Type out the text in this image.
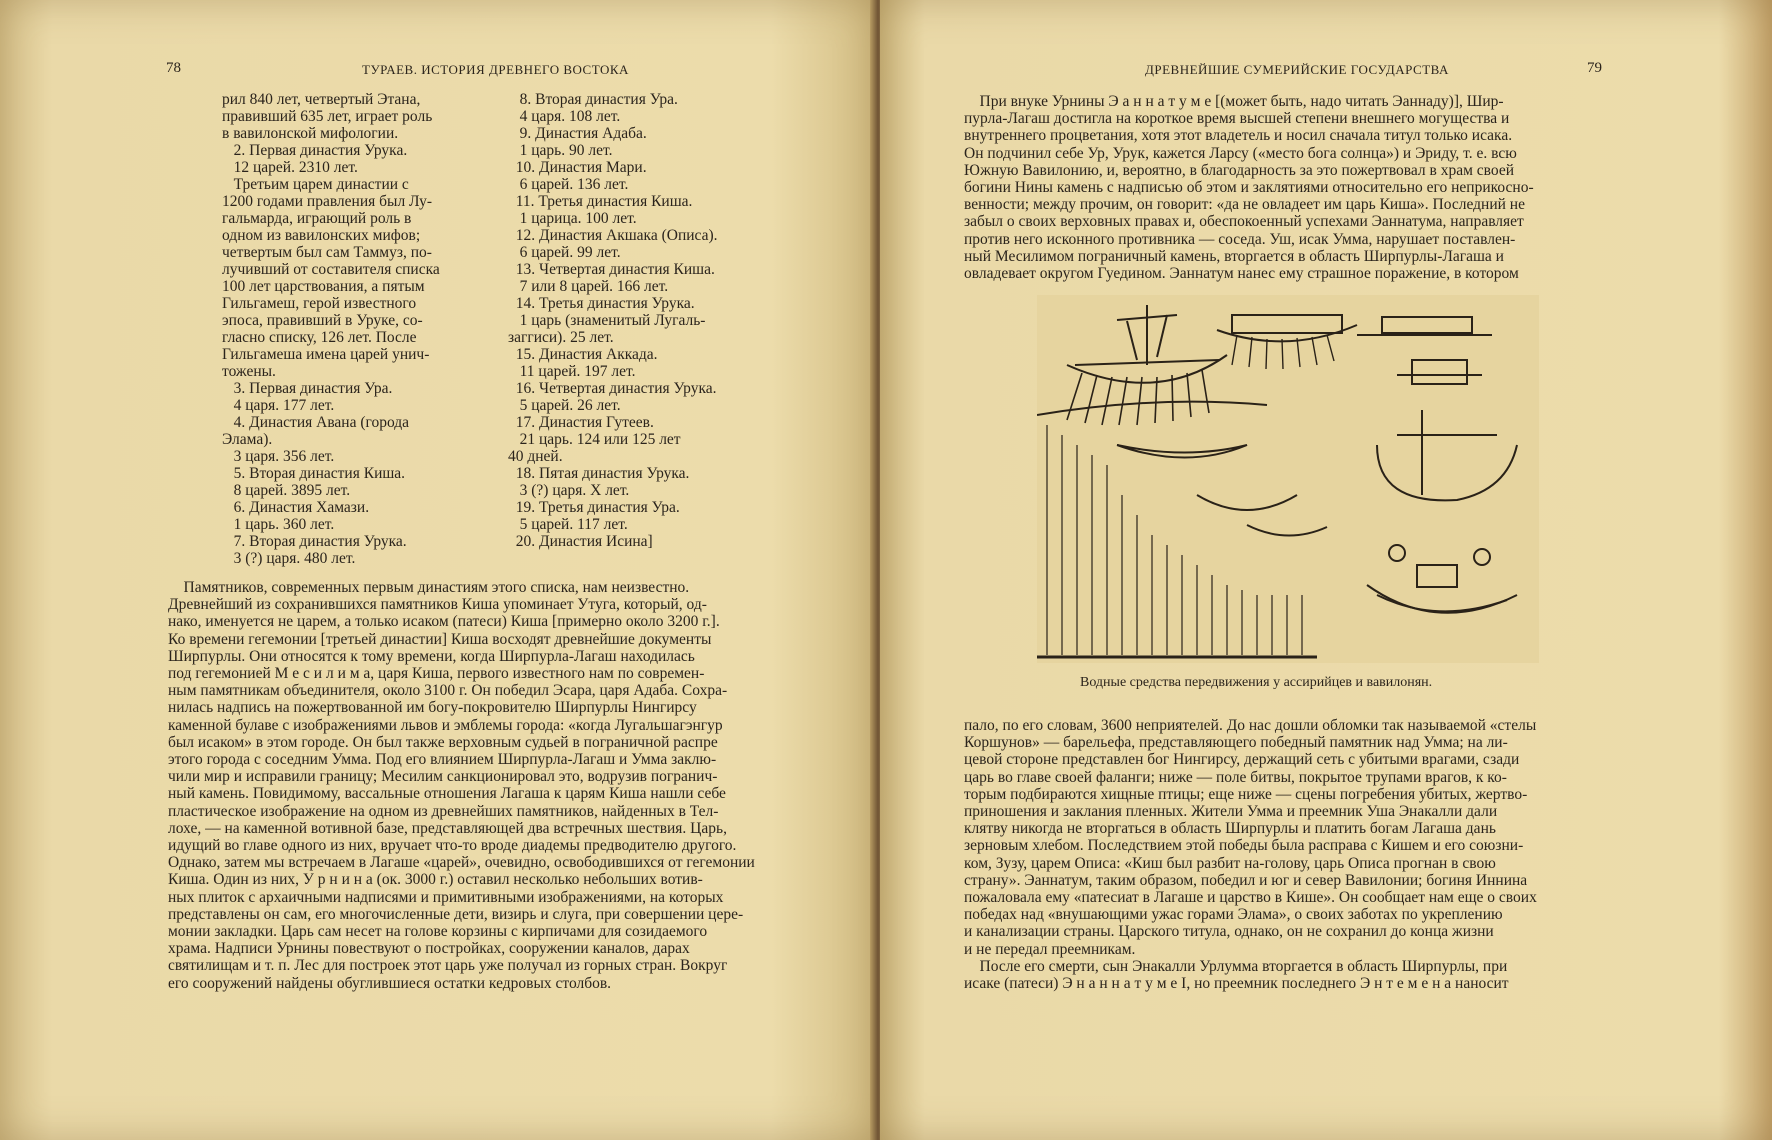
78	ТУРАЕВ. ИСТОРИЯ ДРЕВНЕГО ВОСТОКА
рил 840 лет, четвертый Этана,
правивший 635 лет, играет роль
в вавилонской мифологии.
2. Первая династия Урука.
12 царей. 2310 лет.
Третьим царем династии с
1200 годами правления был Лу-
гальмарда, играющий роль в
одном из вавилонских мифов;
четвертым был сам Таммуз, по-
лучивший от составителя списка
100 лет царствования, а пятым
Гильгамеш, герой известного
эпоса, правивший в Уруке, со-
гласно списку, 126 лет. После
Гильгамеша имена царей унич-
тожены.
3. Первая династия Ура.
4 царя. 177 лет.
4. Династия Авана (города
Элама).
3 царя. 356 лет.
5. Вторая династия Киша.
8 царей. 3895 лет.
6. Династия Хамази.
1 царь. 360 лет.
7. Вторая династия Урука.
3 (?) царя. 480 лет.
8. Вторая династия Ура.
4 царя. 108 лет.
9. Династия Адаба.
1 царь. 90 лет.
10. Династия Мари.
6 царей. 136 лет.
11. Третья династия Киша.
1 царица. 100 лет.
12. Династия Акшака (Описа).
6 царей. 99 лет.
13. Четвертая династия Киша.
7 или 8 царей. 166 лет.
14. Третья династия Урука.
1 царь (знаменитый Лугаль-
заггиси). 25 лет.
15. Династия Аккада.
11 царей. 197 лет.
16. Четвертая династия Урука.
5 царей. 26 лет.
17. Династия Гутеев.
21 царь. 124 или 125 лет
40 дней.
18. Пятая династия Урука.
3 (?) царя. X лет.
19. Третья династия Ура.
5 царей. 117 лет.
20. Династия Исина]
Памятников, современных первым династиям этого списка, нам неизвестно.
Древнейший из сохранившихся памятников Киша упоминает Утуга, который, од-
нако, именуется не царем, а только исаком (патеси) Киша [примерно около 3200 г.].
Ко времени гегемонии [третьей династии] Киша восходят древнейшие документы
Ширпурлы. Они относятся к тому времени, когда Ширпурла-Лагаш находилась
под гегемонией М е с и л и м а, царя Киша, первого известного нам по современ-
ным памятникам объединителя, около 3100 г. Он победил Эсара, царя Адаба. Сохра-
нилась надпись на пожертвованной им богу-покровителю Ширпурлы Нингирсу
каменной булаве с изображениями львов и эмблемы города: «когда Лугальшагэнгур
был исаком» в этом городе. Он был также верховным судьей в пограничной распре
этого города с соседним Умма. Под его влиянием Ширпурла-Лагаш и Умма заклю-
чили мир и исправили границу; Месилим санкционировал это, водрузив погранич-
ный камень. Повидимому, вассальные отношения Лагаша к царям Киша нашли себе
пластическое изображение на одном из древнейших памятников, найденных в Тел-
лохе, — на каменной вотивной базе, представляющей два встречных шествия. Царь,
идущий во главе одного из них, вручает что-то вроде диадемы предводителю другого.
Однако, затем мы встречаем в Лагаше «царей», очевидно, освободившихся от гегемонии
Киша. Один из них, У р н и н а (ок. 3000 г.) оставил несколько небольших вотив-
ных плиток с архаичными надписями и примитивными изображениями, на которых
представлены он сам, его многочисленные дети, визирь и слуга, при совершении цере-
монии закладки. Царь сам несет на голове корзины с кирпичами для созидаемого
храма. Надписи Урнины повествуют о постройках, сооружении каналов, дарах
святилищам и т. п. Лес для построек этот царь уже получал из горных стран. Вокруг
его сооружений найдены обуглившиеся остатки кедровых столбов.
ДРЕВНЕЙШИЕ СУМЕРИЙСКИЕ ГОСУДАРСТВА	79
При внуке Урнины Э а н н а т у м е [(может быть, надо читать Эаннаду)], Шир-
пурла-Лагаш достигла на короткое время высшей степени внешнего могущества и
внутреннего процветания, хотя этот владетель и носил сначала титул только исака.
Он подчинил себе Ур, Урук, кажется Ларсу («место бога солнца») и Эриду, т. е. всю
Южную Вавилонию, и, вероятно, в благодарность за это пожертвовал в храм своей
богини Нины камень с надписью об этом и заклятиями относительно его неприкосно-
венности; между прочим, он говорит: «да не овладеет им царь Киша». Последний не
забыл о своих верховных правах и, обеспокоенный успехами Эаннатума, направляет
против него исконного противника — соседа. Уш, исак Умма, нарушает поставлен-
ный Месилимом пограничный камень, вторгается в область Ширпурлы-Лагаша и
овладевает округом Гуедином. Эаннатум нанес ему страшное поражение, в котором
Водные средства передвижения у ассирийцев и вавилонян.
пало, по его словам, 3600 неприятелей. До нас дошли обломки так называемой «стелы
Коршунов» — барельефа, представляющего победный памятник над Умма; на ли-
цевой стороне представлен бог Нингирсу, держащий сеть с убитыми врагами, сзади
царь во главе своей фаланги; ниже — поле битвы, покрытое трупами врагов, к ко-
торым подбираются хищные птицы; еще ниже — сцены погребения убитых, жертво-
приношения и заклания пленных. Жители Умма и преемник Уша Энакалли дали
клятву никогда не вторгаться в область Ширпурлы и платить богам Лагаша дань
зерновым хлебом. Последствием этой победы была расправа с Кишем и его союзни-
ком, Зузу, царем Описа: «Киш был разбит на-голову, царь Описа прогнан в свою
страну». Эаннатум, таким образом, победил и юг и север Вавилонии; богиня Иннина
пожаловала ему «патесиат в Лагаше и царство в Кише». Он сообщает нам еще о своих
победах над «внушающими ужас горами Элама», о своих заботах по укреплению
и канализации страны. Царского титула, однако, он не сохранил до конца жизни
и не передал преемникам.
После его смерти, сын Энакалли Урлумма вторгается в область Ширпурлы, при
исаке (патеси) Э н а н н а т у м е I, но преемник последнего Э н т е м е н а наносит
